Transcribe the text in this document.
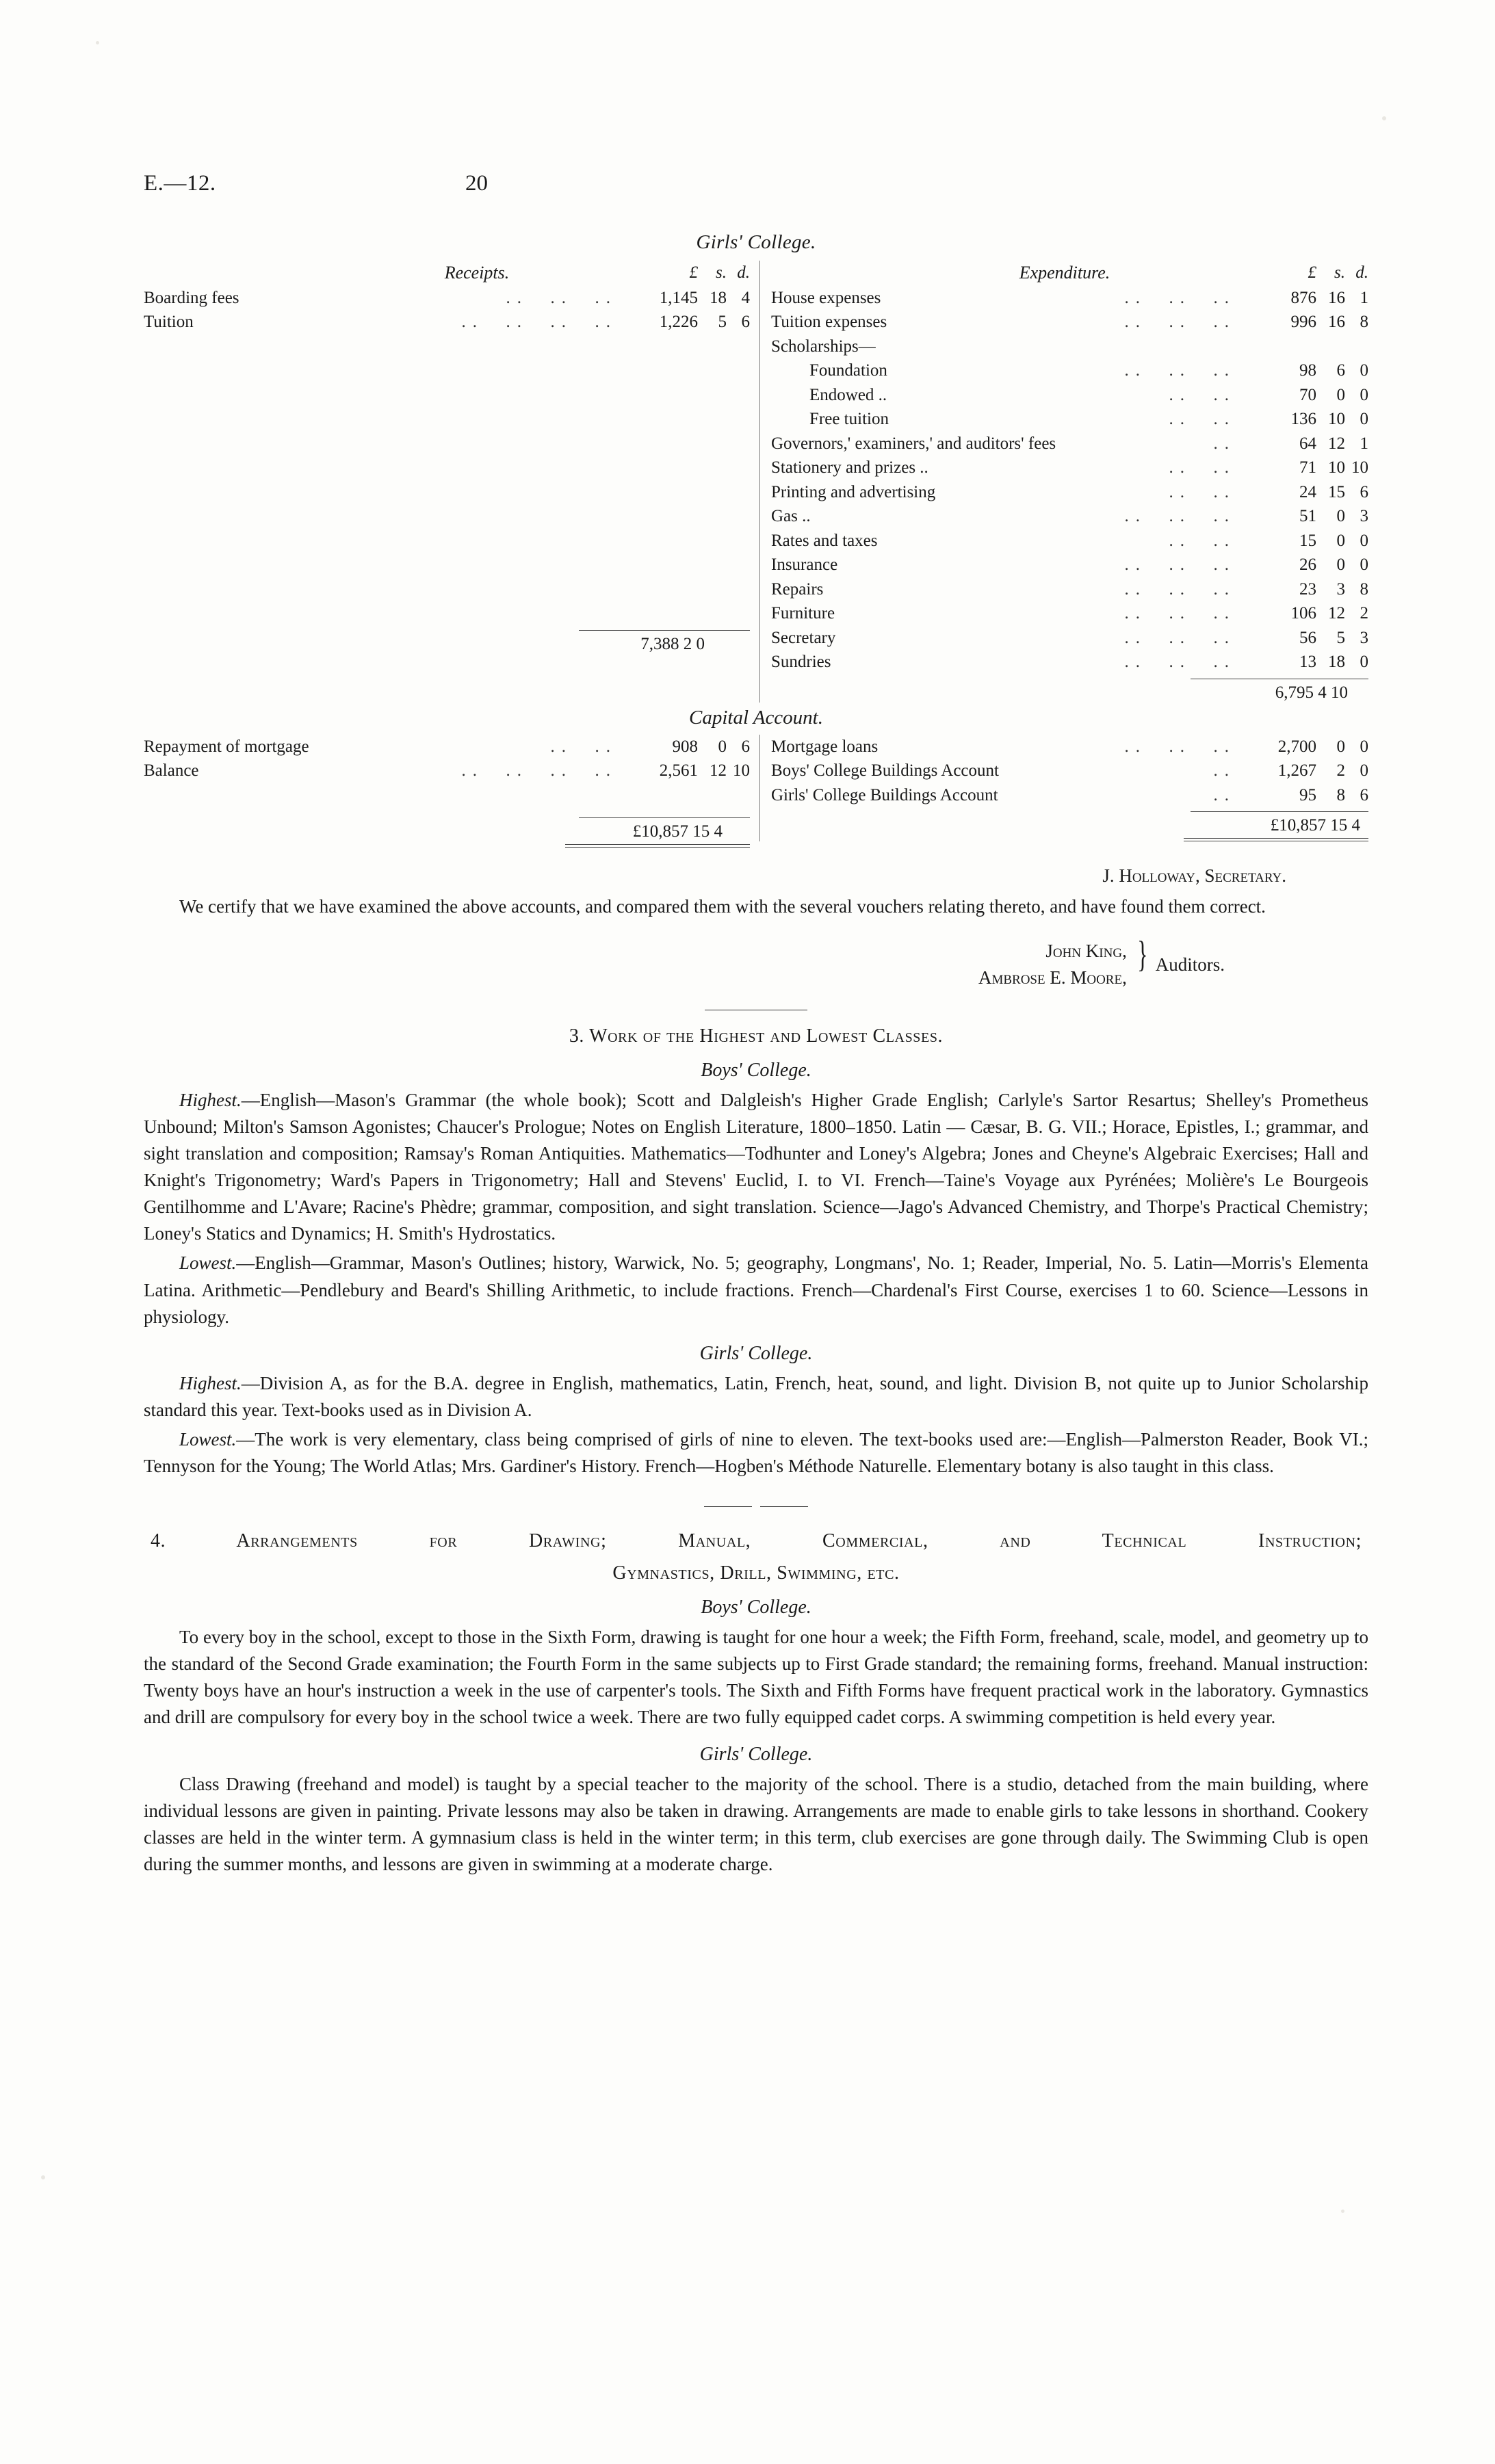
E.—12.	20
Girls' College.
Receipts.	£ s. d.
Boarding fees	..  ..  ..	1,145 18 4
Tuition	..  ..  ..  ..	1,226 5 6
7,388 2 0
Expenditure.	£ s. d.
House expenses	..  ..  ..	876 16 1
Tuition expenses	..  ..  ..	996 16 8
Scholarships—
Foundation	..  ..  ..	98 6 0
Endowed ..	..  ..	70 0 0
Free tuition	..  ..	136 10 0
Governors,' examiners,' and auditors' fees	..	64 12 1
Stationery and prizes ..	..  ..	71 10 10
Printing and advertising	..  ..	24 15 6
Gas ..	..  ..  ..	51 0 3
Rates and taxes	..  ..	15 0 0
Insurance	..  ..  ..	26 0 0
Repairs	..  ..  ..	23 3 8
Furniture	..  ..  ..	106 12 2
Secretary	..  ..  ..	56 5 3
Sundries	..  ..  ..	13 18 0
6,795 4 10
Capital Account.
Repayment of mortgage	..  ..	908 0 6
Balance	..  ..  ..  ..	2,561 12 10
£10,857 15 4
Mortgage loans	..  ..  ..	2,700 0 0
Boys' College Buildings Account	..	1,267 2 0
Girls' College Buildings Account	..	95 8 6
£10,857 15 4
J. Holloway, Secretary.

We certify that we have examined the above accounts, and compared them with the several vouchers relating thereto, and have found them correct.

John King,
Ambrose E. Moore,
} Auditors.
3. Work of the Highest and Lowest Classes.
Boys' College.

Highest.—English—Mason's Grammar (the whole book); Scott and Dalgleish's Higher Grade English; Carlyle's Sartor Resartus; Shelley's Prometheus Unbound; Milton's Samson Agonistes; Chaucer's Prologue; Notes on English Literature, 1800–1850. Latin — Cæsar, B. G. VII.; Horace, Epistles, I.; grammar, and sight translation and composition; Ramsay's Roman Antiquities. Mathematics—Todhunter and Loney's Algebra; Jones and Cheyne's Algebraic Exercises; Hall and Knight's Trigonometry; Ward's Papers in Trigonometry; Hall and Stevens' Euclid, I. to VI. French—Taine's Voyage aux Pyrénées; Molière's Le Bourgeois Gentilhomme and L'Avare; Racine's Phèdre; grammar, composition, and sight translation. Science—Jago's Advanced Chemistry, and Thorpe's Practical Chemistry; Loney's Statics and Dynamics; H. Smith's Hydrostatics.

Lowest.—English—Grammar, Mason's Outlines; history, Warwick, No. 5; geography, Longmans', No. 1; Reader, Imperial, No. 5. Latin—Morris's Elementa Latina. Arithmetic—Pendlebury and Beard's Shilling Arithmetic, to include fractions. French—Chardenal's First Course, exercises 1 to 60. Science—Lessons in physiology.

Girls' College.

Highest.—Division A, as for the B.A. degree in English, mathematics, Latin, French, heat, sound, and light. Division B, not quite up to Junior Scholarship standard this year. Text-books used as in Division A.

Lowest.—The work is very elementary, class being comprised of girls of nine to eleven. The text-books used are:—English—Palmerston Reader, Book VI.; Tennyson for the Young; The World Atlas; Mrs. Gardiner's History. French—Hogben's Méthode Naturelle. Elementary botany is also taught in this class.

4. Arrangements for Drawing; Manual, Commercial, and Technical Instruction;
Gymnastics, Drill, Swimming, etc.
Boys' College.

To every boy in the school, except to those in the Sixth Form, drawing is taught for one hour a week; the Fifth Form, freehand, scale, model, and geometry up to the standard of the Second Grade examination; the Fourth Form in the same subjects up to First Grade standard; the remaining forms, freehand. Manual instruction: Twenty boys have an hour's instruction a week in the use of carpenter's tools. The Sixth and Fifth Forms have frequent practical work in the laboratory. Gymnastics and drill are compulsory for every boy in the school twice a week. There are two fully equipped cadet corps. A swimming competition is held every year.

Girls' College.

Class Drawing (freehand and model) is taught by a special teacher to the majority of the school. There is a studio, detached from the main building, where individual lessons are given in painting. Private lessons may also be taken in drawing. Arrangements are made to enable girls to take lessons in shorthand. Cookery classes are held in the winter term. A gymnasium class is held in the winter term; in this term, club exercises are gone through daily. The Swimming Club is open during the summer months, and lessons are given in swimming at a moderate charge.
